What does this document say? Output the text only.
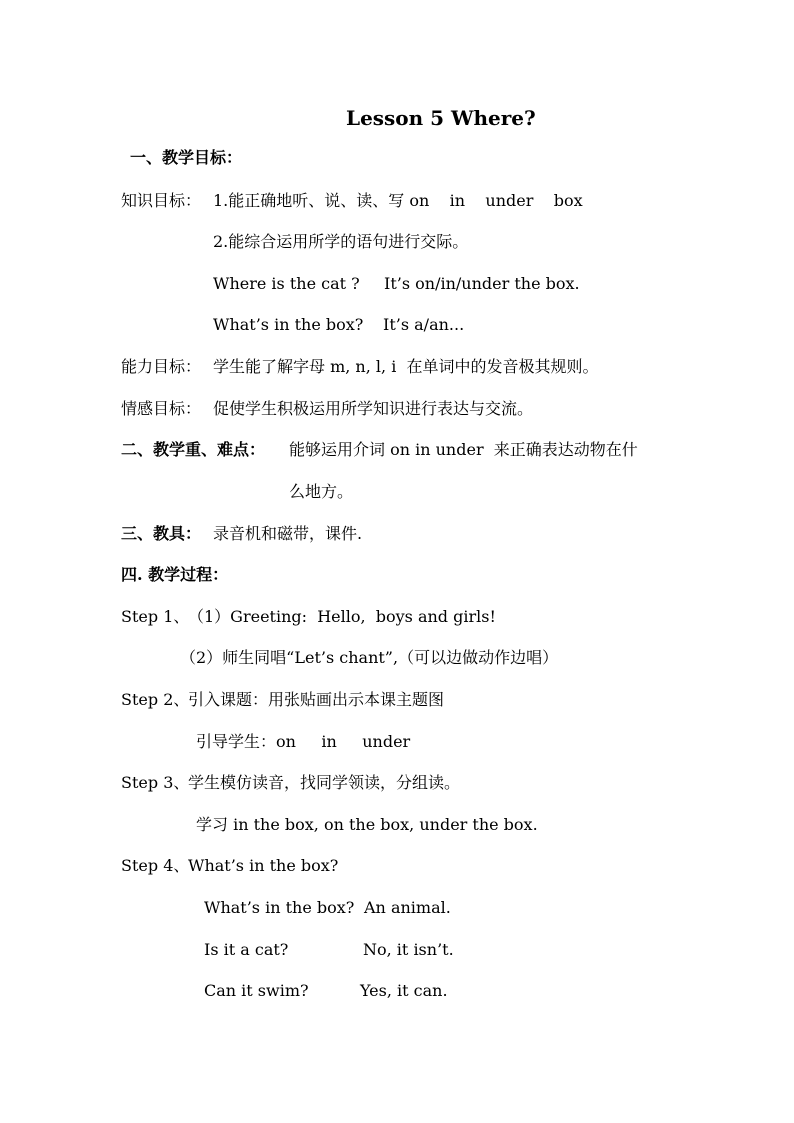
Lesson 5 Where?
一、教学目标：
知识目标： 1.能正确地听、说、读、写 on    in    under    box
2.能综合运用所学的语句进行交际。
Where is the cat ? It’s on/in/under the box.
What’s in the box? It’s a/an...
能力目标： 学生能了解字母 m, n, l, i  在单词中的发音极其规则。
情感目标： 促使学生积极运用所学知识进行表达与交流。
二、教学重、难点： 能够运用介词 on in under  来正确表达动物在什
么地方。
三、教具： 录音机和磁带，课件.
四. 教学过程：
Step 1、
（1）Greeting:  Hello,  boys and girls!
（2）师生同唱“Let’s chant”,（可以边做动作边唱）
Step 2、
引入课题：用张贴画出示本课主题图
引导学生：on     in     under
Step 3、
学生模仿读音，找同学领读，分组读。
学习 in the box, on the box, under the box.
Step 4、
What’s in the box?
What’s in the box? An animal.
Is it a cat?	No, it isn’t.
Can it swim?	Yes, it can.
